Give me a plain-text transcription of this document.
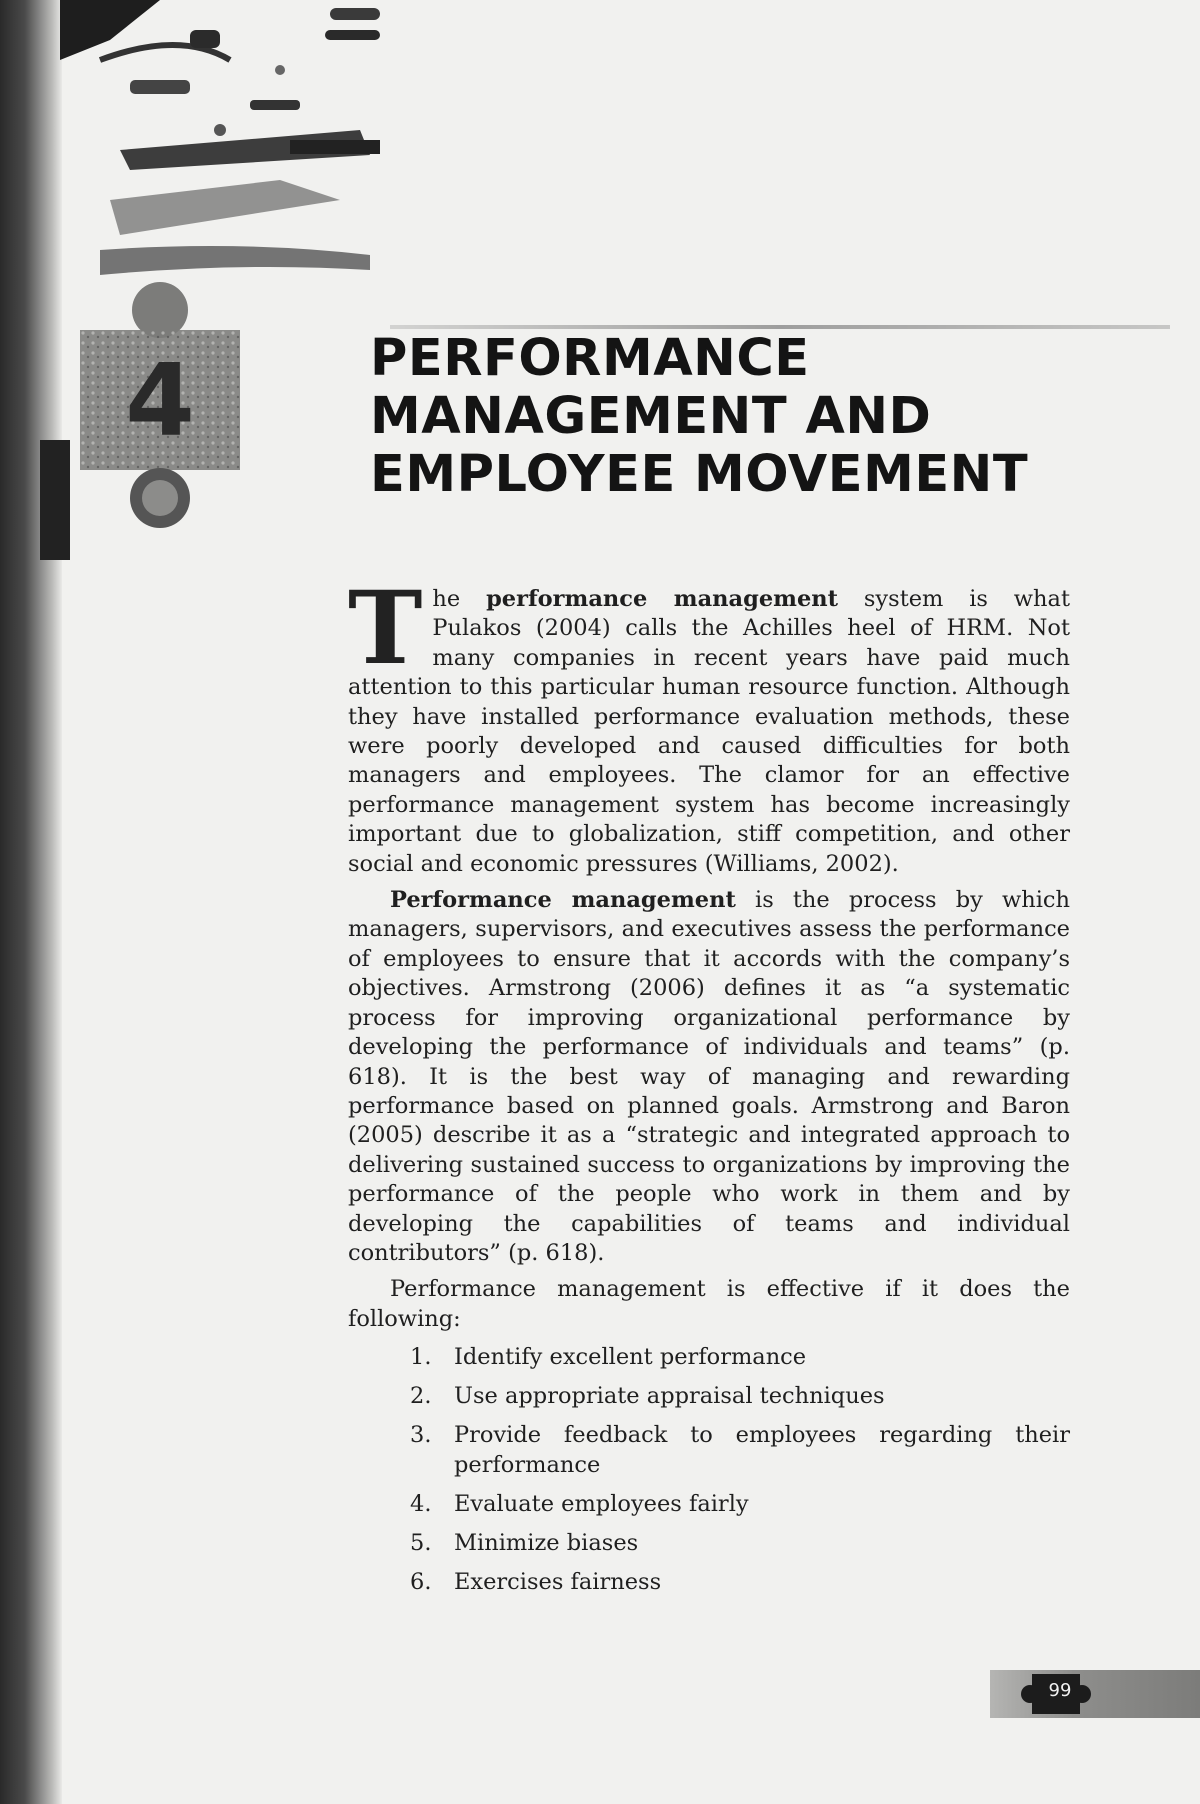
4	PERFORMANCE
MANAGEMENT AND
EMPLOYEE MOVEMENT

The performance management system is what Pulakos (2004) calls the Achilles heel of HRM. Not many companies in recent years have paid much attention to this particular human resource function. Although they have installed performance evaluation methods, these were poorly developed and caused difficulties for both managers and employees. The clamor for an effective performance management system has become increasingly important due to globalization, stiff competition, and other social and economic pressures (Williams, 2002).

Performance management is the process by which managers, supervisors, and executives assess the performance of employees to ensure that it accords with the company’s objectives. Armstrong (2006) defines it as “a systematic process for improving organizational performance by developing the performance of individuals and teams” (p. 618). It is the best way of managing and rewarding performance based on planned goals. Armstrong and Baron (2005) describe it as a “strategic and integrated approach to delivering sustained success to organizations by improving the performance of the people who work in them and by developing the capabilities of teams and individual contributors” (p. 618).

Performance management is effective if it does the following:

1.	Identify excellent performance
2.	Use appropriate appraisal techniques
3.	Provide feedback to employees regarding their performance
4.	Evaluate employees fairly
5.	Minimize biases
6.	Exercises fairness
99
